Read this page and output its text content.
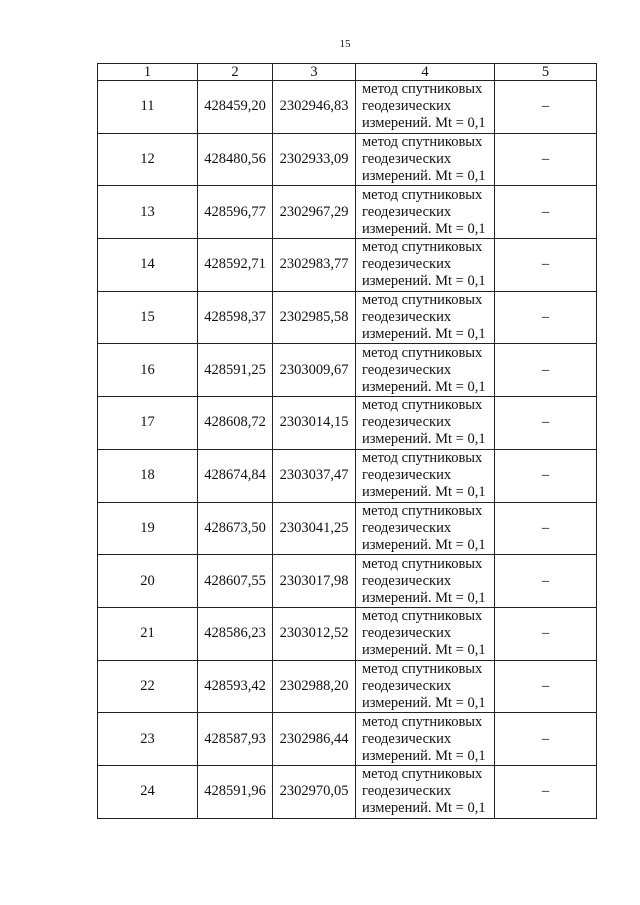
15
1	2	3	4	5
11	428459,20	2302946,83	метод спутниковых
геодезических
измерений. Mt = 0,1	–
12	428480,56	2302933,09	метод спутниковых
геодезических
измерений. Mt = 0,1	–
13	428596,77	2302967,29	метод спутниковых
геодезических
измерений. Mt = 0,1	–
14	428592,71	2302983,77	метод спутниковых
геодезических
измерений. Mt = 0,1	–
15	428598,37	2302985,58	метод спутниковых
геодезических
измерений. Mt = 0,1	–
16	428591,25	2303009,67	метод спутниковых
геодезических
измерений. Mt = 0,1	–
17	428608,72	2303014,15	метод спутниковых
геодезических
измерений. Mt = 0,1	–
18	428674,84	2303037,47	метод спутниковых
геодезических
измерений. Mt = 0,1	–
19	428673,50	2303041,25	метод спутниковых
геодезических
измерений. Mt = 0,1	–
20	428607,55	2303017,98	метод спутниковых
геодезических
измерений. Mt = 0,1	–
21	428586,23	2303012,52	метод спутниковых
геодезических
измерений. Mt = 0,1	–
22	428593,42	2302988,20	метод спутниковых
геодезических
измерений. Mt = 0,1	–
23	428587,93	2302986,44	метод спутниковых
геодезических
измерений. Mt = 0,1	–
24	428591,96	2302970,05	метод спутниковых
геодезических
измерений. Mt = 0,1	–
